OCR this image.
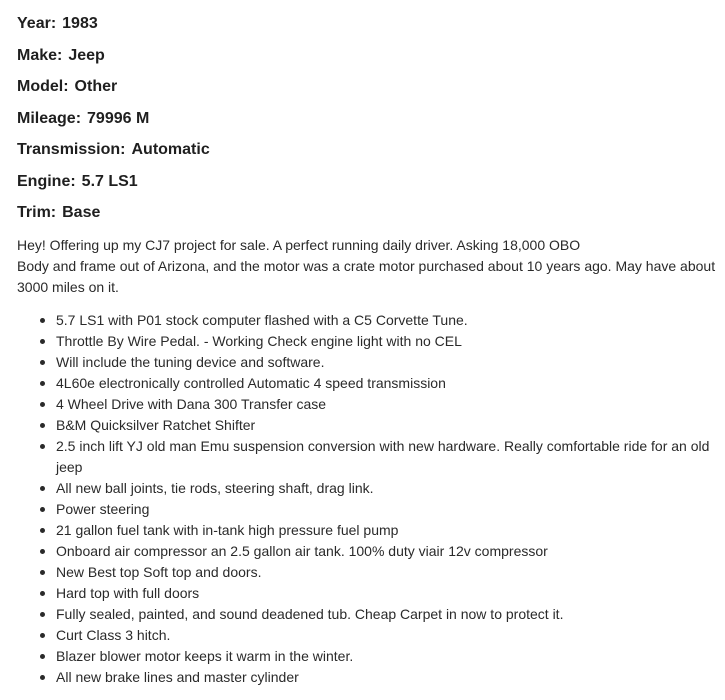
Year: 1983
Make: Jeep
Model: Other
Mileage: 79996 M
Transmission: Automatic
Engine: 5.7 LS1
Trim: Base

Hey! Offering up my CJ7 project for sale. A perfect running daily driver. Asking 18,000 OBO

Body and frame out of Arizona, and the motor was a crate motor purchased about 10 years ago. May have about 3000 miles on it.

5.7 LS1 with P01 stock computer flashed with a C5 Corvette Tune.
Throttle By Wire Pedal. - Working Check engine light with no CEL
Will include the tuning device and software.
4L60e electronically controlled Automatic 4 speed transmission
4 Wheel Drive with Dana 300 Transfer case
B&M Quicksilver Ratchet Shifter
2.5 inch lift YJ old man Emu suspension conversion with new hardware. Really comfortable ride for an old jeep
All new ball joints, tie rods, steering shaft, drag link.
Power steering
21 gallon fuel tank with in-tank high pressure fuel pump
Onboard air compressor an 2.5 gallon air tank. 100% duty viair 12v compressor
New Best top Soft top and doors.
Hard top with full doors
Fully sealed, painted, and sound deadened tub. Cheap Carpet in now to protect it.
Curt Class 3 hitch.
Blazer blower motor keeps it warm in the winter.
All new brake lines and master cylinder
